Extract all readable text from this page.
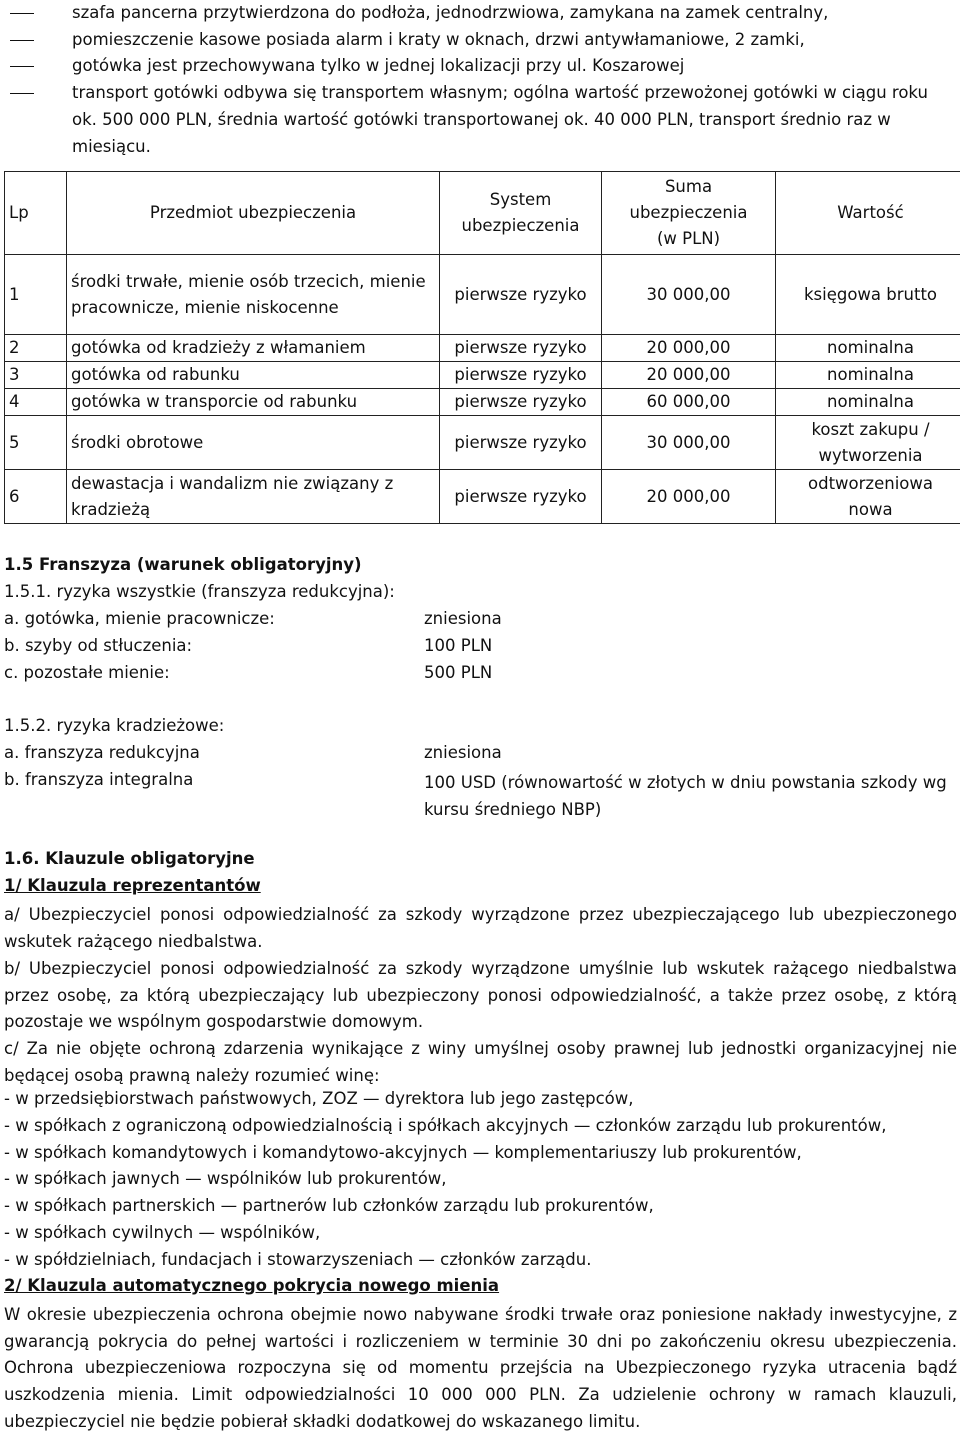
szafa pancerna przytwierdzona do podłoża, jednodrzwiowa, zamykana na zamek centralny,
pomieszczenie kasowe posiada alarm i kraty w oknach, drzwi antywłamaniowe, 2 zamki,
gotówka jest przechowywana tylko w jednej lokalizacji przy ul. Koszarowej
transport gotówki odbywa się transportem własnym; ogólna wartość przewożonej gotówki w ciągu roku ok. 500 000 PLN, średnia wartość gotówki transportowanej ok. 40 000 PLN, transport średnio raz w miesiącu.
Lp	Przedmiot ubezpieczenia	System ubezpieczenia	Suma ubezpieczenia (w PLN)	Wartość
1	środki trwałe, mienie osób trzecich, mienie pracownicze, mienie niskocenne	pierwsze ryzyko	30 000,00	księgowa brutto
2	gotówka od kradzieży z włamaniem	pierwsze ryzyko	20 000,00	nominalna
3	gotówka od rabunku	pierwsze ryzyko	20 000,00	nominalna
4	gotówka w transporcie od rabunku	pierwsze ryzyko	60 000,00	nominalna
5	środki obrotowe	pierwsze ryzyko	30 000,00	koszt zakupu / wytworzenia
6	dewastacja i wandalizm nie związany z kradzieżą	pierwsze ryzyko	20 000,00	odtworzeniowa nowa
1.5 Franszyza (warunek obligatoryjny)
1.5.1. ryzyka wszystkie (franszyza redukcyjna):
a. gotówka, mienie pracownicze:	zniesiona
b. szyby od stłuczenia:	100 PLN
c. pozostałe mienie:	500 PLN
1.5.2. ryzyka kradzieżowe:
a. franszyza redukcyjna	zniesiona
b. franszyza integralna	100 USD (równowartość w złotych w dniu powstania szkody wg kursu średniego NBP)
1.6. Klauzule obligatoryjne
1/ Klauzula reprezentantów
a/ Ubezpieczyciel ponosi odpowiedzialność za szkody wyrządzone przez ubezpieczającego lub ubezpieczonego wskutek rażącego niedbalstwa.
b/ Ubezpieczyciel ponosi odpowiedzialność za szkody wyrządzone umyślnie lub wskutek rażącego niedbalstwa przez osobę, za którą ubezpieczający lub ubezpieczony ponosi odpowiedzialność, a także przez osobę, z którą pozostaje we wspólnym gospodarstwie domowym.
c/ Za nie objęte ochroną zdarzenia wynikające z winy umyślnej osoby prawnej lub jednostki organizacyjnej nie będącej osobą prawną należy rozumieć winę:
- w przedsiębiorstwach państwowych, ZOZ — dyrektora lub jego zastępców,
- w spółkach z ograniczoną odpowiedzialnością i spółkach akcyjnych — członków zarządu lub prokurentów,
- w spółkach komandytowych i komandytowo-akcyjnych — komplementariuszy lub prokurentów,
- w spółkach jawnych — wspólników lub prokurentów,
- w spółkach partnerskich — partnerów lub członków zarządu lub prokurentów,
- w spółkach cywilnych — wspólników,
- w spółdzielniach, fundacjach i stowarzyszeniach — członków zarządu.
2/ Klauzula automatycznego pokrycia nowego mienia
W okresie ubezpieczenia ochrona obejmie nowo nabywane środki trwałe oraz poniesione nakłady inwestycyjne, z gwarancją pokrycia do pełnej wartości i rozliczeniem w terminie 30 dni po zakończeniu okresu ubezpieczenia. Ochrona ubezpieczeniowa rozpoczyna się od momentu przejścia na Ubezpieczonego ryzyka utracenia bądź uszkodzenia mienia. Limit odpowiedzialności 10 000 000 PLN. Za udzielenie ochrony w ramach klauzuli, ubezpieczyciel nie będzie pobierał składki dodatkowej do wskazanego limitu.
